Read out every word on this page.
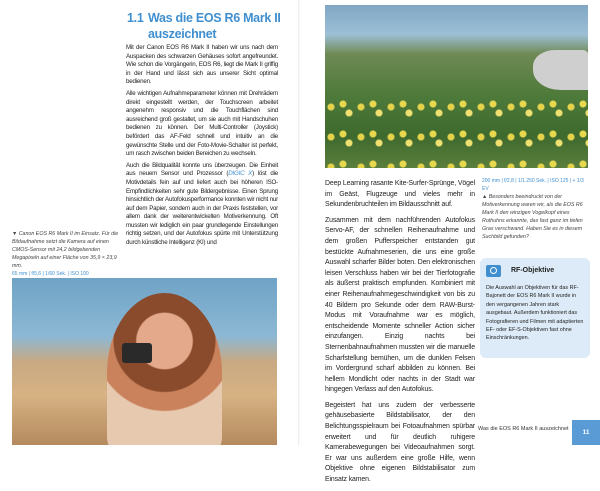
1.1 Was die EOS R6 Mark II
auszeichnet

Mit der Canon EOS R6 Mark II haben wir uns nach dem Auspacken des schwarzen Gehäuses sofort angefreundet. Wie schon die Vorgängerin, EOS R6, liegt die Mark II griffig in der Hand und lässt sich aus unserer Sicht optimal bedienen.

Alle wichtigen Aufnahmeparameter können mit Drehrädern direkt eingestellt werden, der Touchscreen arbeitet angenehm responsiv und die Touchflächen sind ausreichend groß gestaltet, um sie auch mit Handschuhen bedienen zu können. Der Multi-Controller (Joystick) befördert das AF-Feld schnell und intuitiv an die gewünschte Stelle und der Foto-Movie-Schalter ist perfekt, um rasch zwischen beiden Bereichen zu wechseln.

Auch die Bildqualität konnte uns überzeugen. Die Einheit aus neuem Sensor und Prozessor (DIGIC X) löst die Motivdetails fein auf und liefert auch bei höheren ISO-Empfindlichkeiten sehr gute Bildergebnisse. Einen Sprung hinsichtlich der Autofokusperformance konnten wir nicht nur auf dem Papier, sondern auch in der Praxis feststellen, vor allem dank der weiterentwickelten Motiverkennung. Oft mussten wir lediglich ein paar grundlegende Einstellungen richtig setzen, und der Autofokus spürte mit Unterstützung durch künstliche Intelligenz (KI) und

▼ Canon EOS R6 Mark II im Einsatz. Für die Bildaufnahme setzt die Kamera auf einen CMOS-Sensor mit 24,2 bildgebenden Megapixeln auf einer Fläche von 35,9 × 23,9 mm.
65 mm | f/5,6 | 1/60 Sek. | ISO 100

Deep Learning rasante Kite-Surfer-Sprünge, Vögel im Geäst, Flugzeuge und vieles mehr in Sekundenbruchteilen im Bildausschnitt auf.

Zusammen mit dem nachführenden Autofokus Servo-AF, der schnellen Reihenaufnahme und dem großen Pufferspeicher entstanden gut bestückte Aufnahmeserien, die uns eine große Auswahl scharfer Bilder boten. Den elektronischen leisen Verschluss haben wir bei der Tierfotografie als äußerst praktisch empfunden. Kombiniert mit einer Reihenaufnahmegeschwindigkeit von bis zu 40 Bildern pro Sekunde oder dem RAW-Burst-Modus mit Voraufnahme war es möglich, entscheidende Momente schneller Action sicher einzufangen. Einzig nachts bei Sternenbahnaufnahmen mussten wir die manuelle Scharfstellung bemühen, um die dunklen Felsen im Vordergrund scharf abbilden zu können. Bei hellem Mondlicht oder nachts in der Stadt war hingegen Verlass auf den Autofokus.

Begeistert hat uns zudem der verbesserte gehäusebasierte Bildstabilisator, der den Belichtungsspielraum bei Fotoaufnahmen spürbar erweitert und für deutlich ruhigere Kamerabewegungen bei Videoaufnahmen sorgt. Er war uns außerdem eine große Hilfe, wenn Objektive ohne eigenen Bildstabilisator zum Einsatz kamen.

200 mm | f/2,8 | 1/1.250 Sek. | ISO 125 | + 1/3 EV
▲ Besonders beeindruckt von der Motiverkennung waren wir, als die EOS R6 Mark II den winzigen Vogelkopf eines Rothuhns erkannte, das fast ganz im tiefen Gras verschwand. Haben Sie es in diesem Suchbild gefunden?
RF-Objektive

Die Auswahl an Objektiven für das RF-Bajonett der EOS R6 Mark II wurde in den vergangenen Jahren stark ausgebaut. Außerdem funktioniert das Fotografieren und Filmen mit adaptierten EF- oder EF-S-Objektiven fast ohne Einschränkungen.

Was die EOS R6 Mark II auszeichnet	11
